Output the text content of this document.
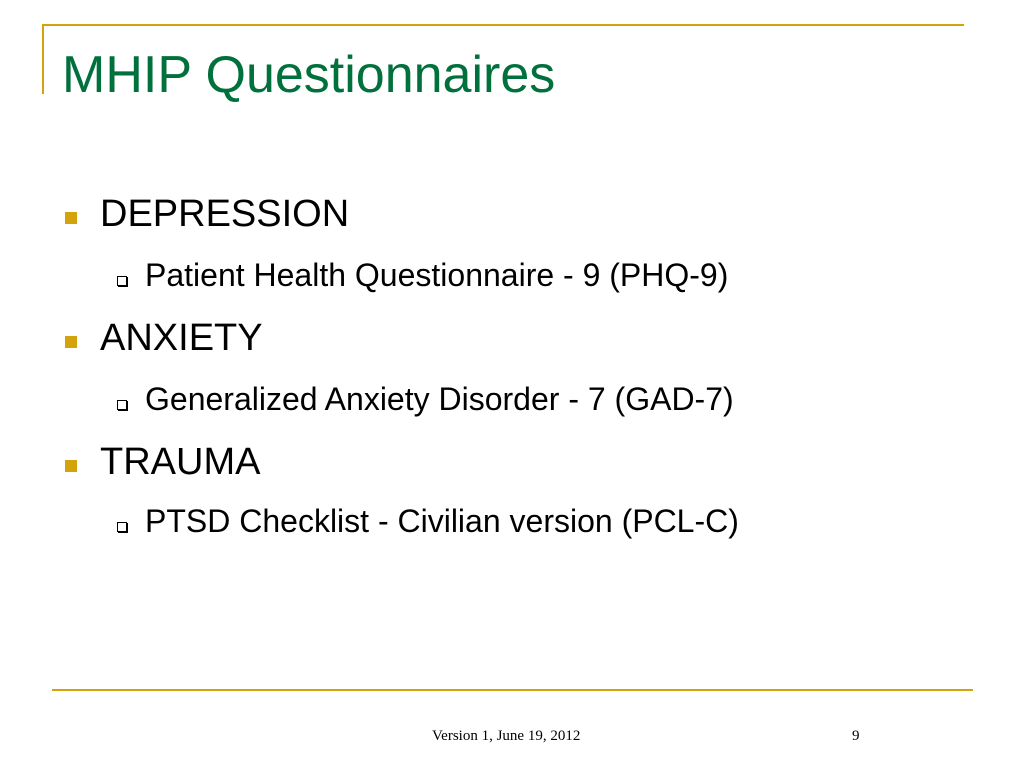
MHIP Questionnaires
DEPRESSION
Patient Health Questionnaire - 9 (PHQ-9)
ANXIETY
Generalized Anxiety Disorder - 7 (GAD-7)
TRAUMA
PTSD Checklist - Civilian version (PCL-C)
Version 1, June 19, 2012	9
